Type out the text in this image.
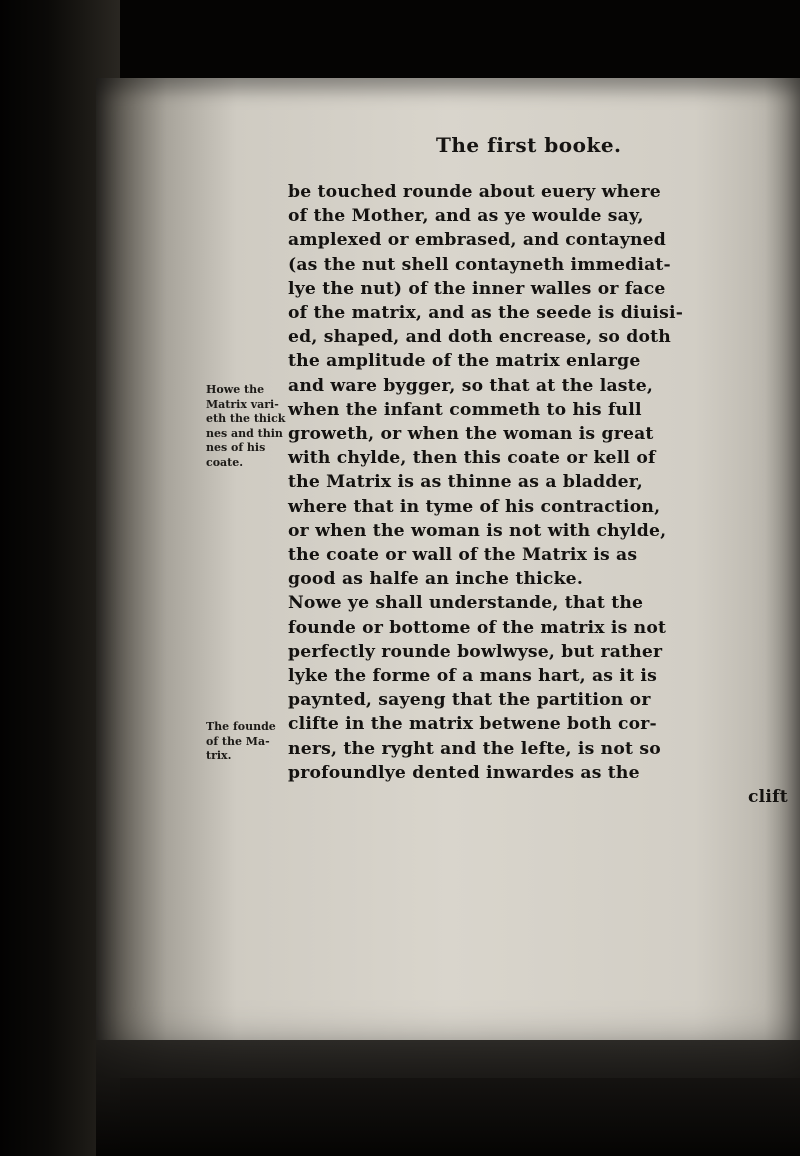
The first booke.

be touched rounde about euery where
of the Mother, and as ye woulde say,
amplexed or embrased, and contayned
(as the nut shell contayneth immediat-
lye the nut) of the inner walles or face
of the matrix, and as the seede is diuisi-
ed, shaped, and doth encrease, so doth
the amplitude of the matrix enlarge
and ware bygger, so that at the laste,
when the infant commeth to his full
groweth, or when the woman is great
with chylde, then this coate or kell of
the Matrix is as thinne as a bladder,
where that in tyme of his contraction,
or when the woman is not with chylde,
the coate or wall of the Matrix is as
good as halfe an inche thicke.
Nowe ye shall understande, that the
founde or bottome of the matrix is not
perfectly rounde bowlwyse, but rather
lyke the forme of a mans hart, as it is
paynted, sayeng that the partition or
clifte in the matrix betwene both cor-
ners, the ryght and the lefte, is not so
profoundlye dented inwardes as the
clift

Howe the
Matrix vari-
eth the thick
nes and thin
nes of his
coate.

The founde
of the Ma-
trix.
